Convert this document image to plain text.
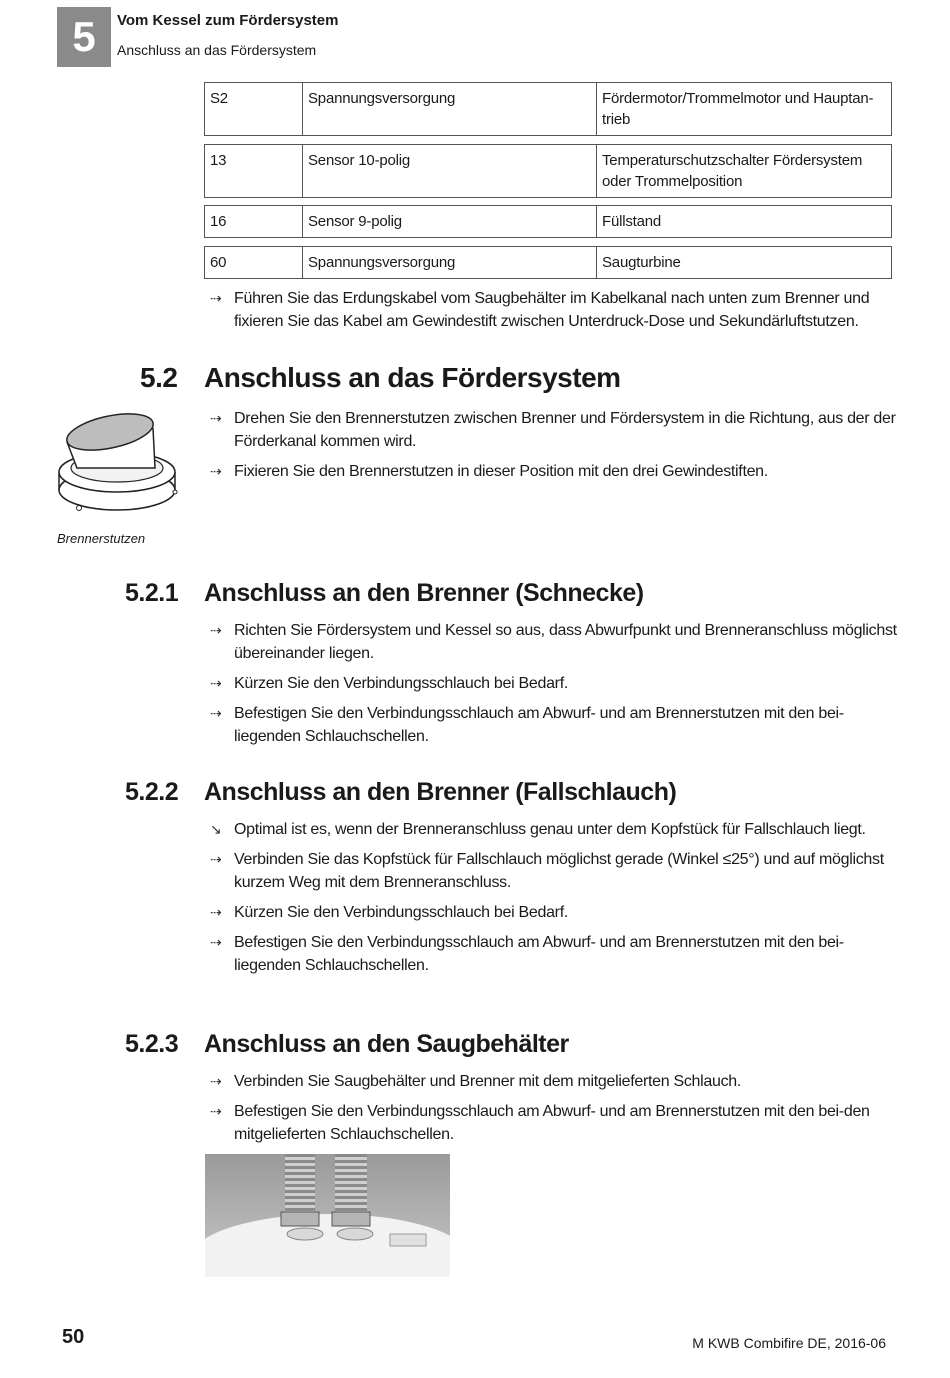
5 Vom Kessel zum Fördersystem
Anschluss an das Fördersystem
S2	Spannungsversorgung	Fördermotor/Trommelmotor und Hauptan-
trieb
13	Sensor 10-polig	Temperaturschutzschalter Fördersystem oder Trommelposition
16	Sensor 9-polig	Füllstand
60	Spannungsversorgung	Saugturbine
⇢ Führen Sie das Erdungskabel vom Saugbehälter im Kabelkanal nach unten zum Brenner und fixieren Sie das Kabel am Gewindestift zwischen Unterdruck-Dose und Sekundärluftstutzen.
5.2 Anschluss an das Fördersystem
Brennerstutzen
⇢ Drehen Sie den Brennerstutzen zwischen Brenner und Fördersystem in die Richtung, aus der der Förderkanal kommen wird.
⇢ Fixieren Sie den Brennerstutzen in dieser Position mit den drei Gewindestiften.
5.2.1 Anschluss an den Brenner (Schnecke)
⇢ Richten Sie Fördersystem und Kessel so aus, dass Abwurfpunkt und Brenneranschluss möglichst übereinander liegen.
⇢ Kürzen Sie den Verbindungsschlauch bei Bedarf.
⇢ Befestigen Sie den Verbindungsschlauch am Abwurf- und am Brennerstutzen mit den bei-liegenden Schlauchschellen.
5.2.2 Anschluss an den Brenner (Fallschlauch)
↘ Optimal ist es, wenn der Brenneranschluss genau unter dem Kopfstück für Fallschlauch liegt.
⇢ Verbinden Sie das Kopfstück für Fallschlauch möglichst gerade (Winkel ≤25°) und auf möglichst kurzem Weg mit dem Brenneranschluss.
⇢ Kürzen Sie den Verbindungsschlauch bei Bedarf.
⇢ Befestigen Sie den Verbindungsschlauch am Abwurf- und am Brennerstutzen mit den bei-liegenden Schlauchschellen.
5.2.3 Anschluss an den Saugbehälter
⇢ Verbinden Sie Saugbehälter und Brenner mit dem mitgelieferten Schlauch.
⇢ Befestigen Sie den Verbindungsschlauch am Abwurf- und am Brennerstutzen mit den bei-den mitgelieferten Schlauchschellen.
50	M KWB Combifire DE, 2016-06
